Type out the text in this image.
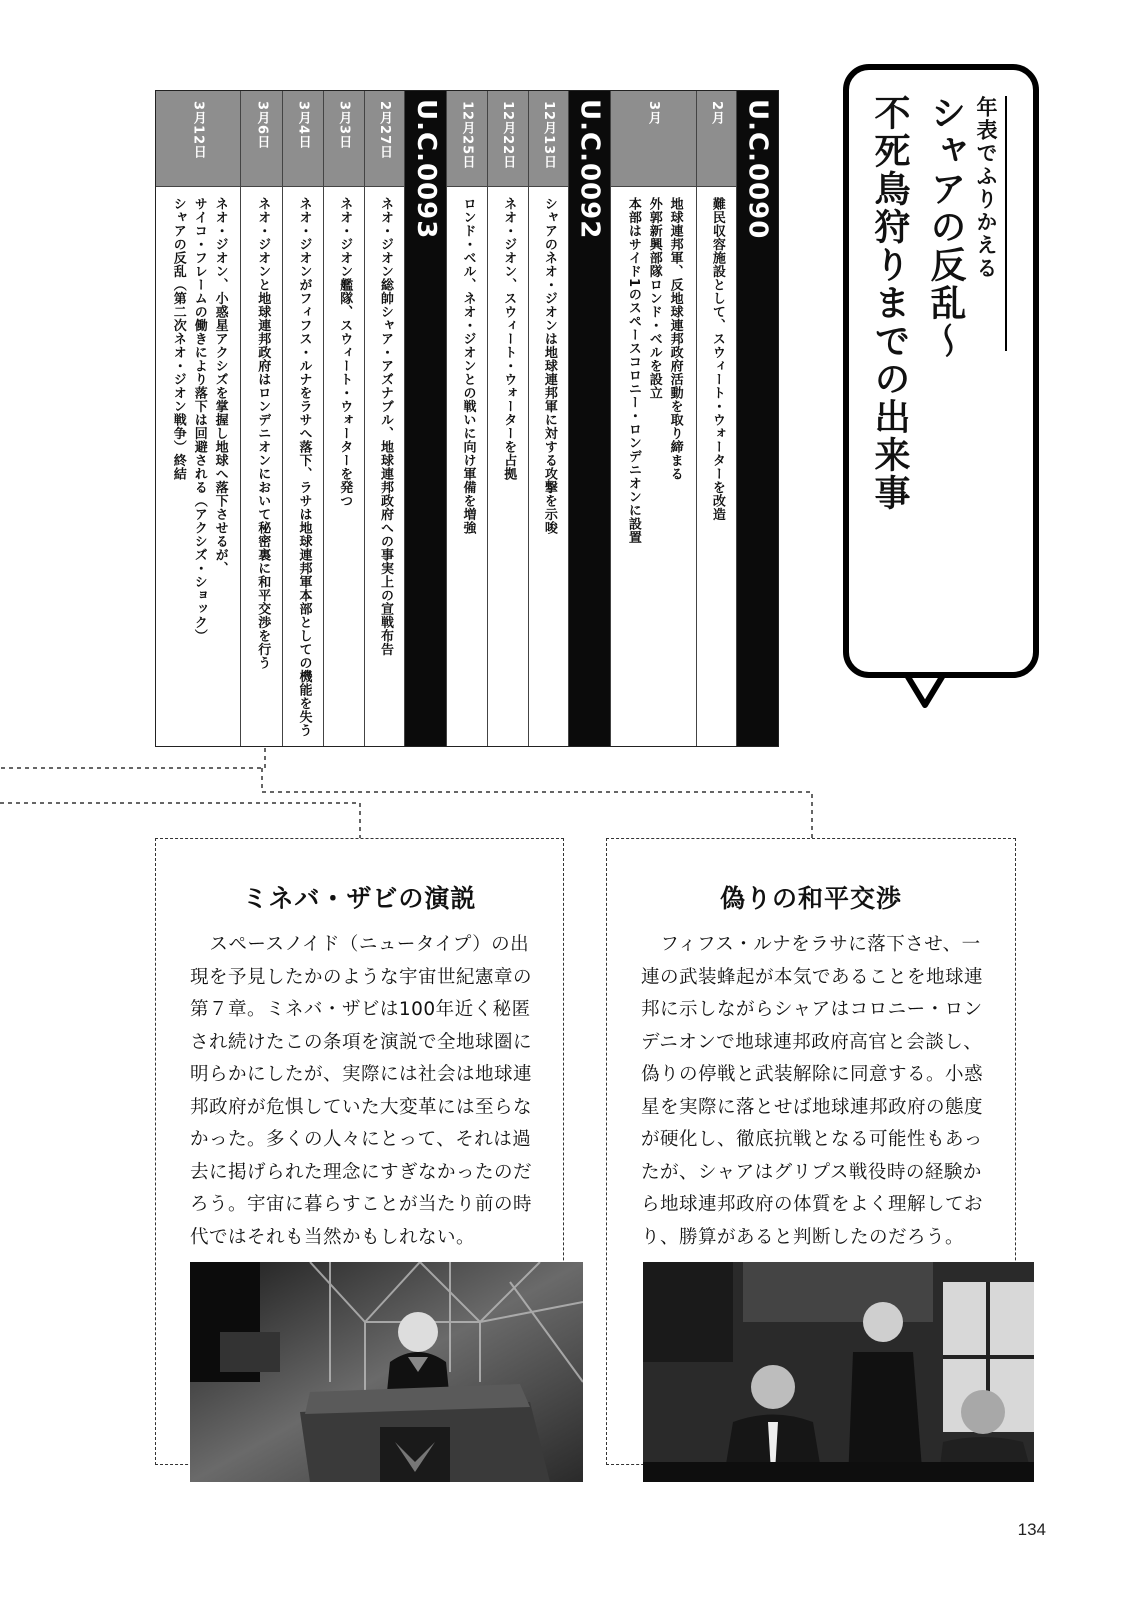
U.C.0090
2月
難民収容施設として、スウィート・ウォーターを改造
3月
地球連邦軍、反地球連邦政府活動を取り締まる
外郭新興部隊ロンド・ベルを設立
本部はサイド1のスペースコロニー・ロンデニオンに設置
U.C.0092
12月13日
シャアのネオ・ジオンは地球連邦軍に対する攻撃を示唆
12月22日
ネオ・ジオン、スウィート・ウォーターを占拠
12月25日
ロンド・ベル、ネオ・ジオンとの戦いに向け軍備を増強
U.C.0093
2月27日
ネオ・ジオン総帥シャア・アズナブル、地球連邦政府への事実上の宣戦布告
3月3日
ネオ・ジオン艦隊、スウィート・ウォーターを発つ
3月4日
ネオ・ジオンがフィフス・ルナをラサへ落下、ラサは地球連邦軍本部としての機能を失う
3月6日
ネオ・ジオンと地球連邦政府はロンデニオンにおいて秘密裏に和平交渉を行う
3月12日
ネオ・ジオン、小惑星アクシズを掌握し地球へ落下させるが、
サイコ・フレームの働きにより落下は回避される（アクシズ・ショック）
シャアの反乱（第二次ネオ・ジオン戦争）終結
年表でふりかえる
シャアの反乱～
不死鳥狩りまでの出来事
ミネバ・ザビの演説
スペースノイド（ニュータイプ）の出現を予見したかのような宇宙世紀憲章の第７章。ミネバ・ザビは100年近く秘匿され続けたこの条項を演説で全地球圏に明らかにしたが、実際には社会は地球連邦政府が危惧していた大変革には至らなかった。多くの人々にとって、それは過去に掲げられた理念にすぎなかったのだろう。宇宙に暮らすことが当たり前の時代ではそれも当然かもしれない。
偽りの和平交渉
フィフス・ルナをラサに落下させ、一連の武装蜂起が本気であることを地球連邦に示しながらシャアはコロニー・ロンデニオンで地球連邦政府高官と会談し、偽りの停戦と武装解除に同意する。小惑星を実際に落とせば地球連邦政府の態度が硬化し、徹底抗戦となる可能性もあったが、シャアはグリプス戦役時の経験から地球連邦政府の体質をよく理解しており、勝算があると判断したのだろう。
134
